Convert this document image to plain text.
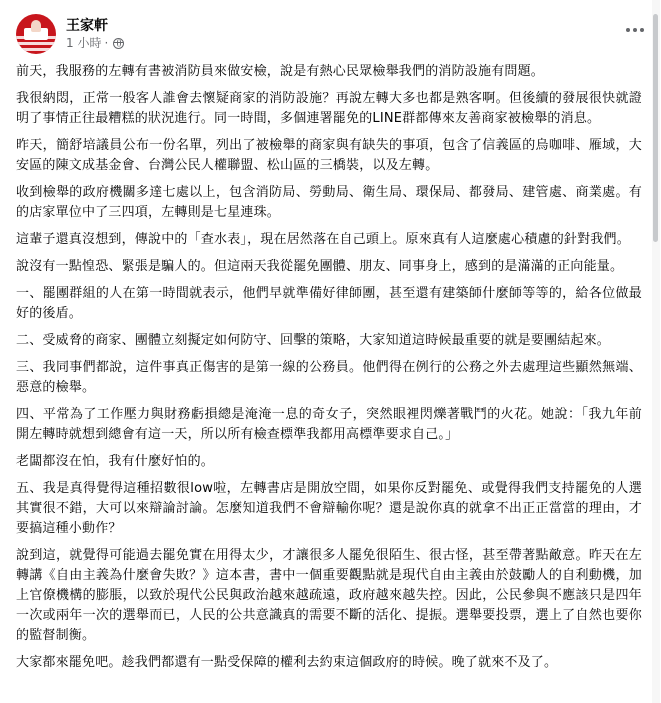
王家軒
1 小時 ·

前天，我服務的左轉有書被消防員來做安檢，說是有熱心民眾檢舉我們的消防設施有問題。

我很納悶，正常一般客人誰會去懷疑商家的消防設施？再說左轉大多也都是熟客啊。但後續的發展很快就證明了事情正往最糟糕的狀況進行。同一時間，多個連署罷免的LINE群都傳來友善商家被檢舉的消息。

昨天，簡舒培議員公布一份名單，列出了被檢舉的商家與有缺失的事項，包含了信義區的烏咖啡、雁域，大安區的陳文成基金會、台灣公民人權聯盟、松山區的三橋裝，以及左轉。

收到檢舉的政府機關多達七處以上，包含消防局、勞動局、衛生局、環保局、都發局、建管處、商業處。有的店家單位中了三四項，左轉則是七星連珠。

這輩子還真沒想到，傳說中的「查水表」，現在居然落在自己頭上。原來真有人這麼處心積慮的針對我們。

說沒有一點惶恐、緊張是騙人的。但這兩天我從罷免團體、朋友、同事身上，感到的是滿滿的正向能量。

一、罷團群組的人在第一時間就表示，他們早就準備好律師團，甚至還有建築師什麼師等等的，給各位做最好的後盾。

二、受威脅的商家、團體立刻擬定如何防守、回擊的策略，大家知道這時候最重要的就是要團結起來。

三、我同事們都說，這件事真正傷害的是第一線的公務員。他們得在例行的公務之外去處理這些顯然無端、惡意的檢舉。

四、平常為了工作壓力與財務虧損總是淹淹一息的奇女子，突然眼裡閃爍著戰鬥的火花。她說：「我九年前開左轉時就想到總會有這一天，所以所有檢查標準我都用高標準要求自己。」

老闆都沒在怕，我有什麼好怕的。

五、我是真得覺得這種招數很low啦，左轉書店是開放空間，如果你反對罷免、或覺得我們支持罷免的人選其實很不錯，大可以來辯論討論。怎麼知道我們不會辯輸你呢？還是說你真的就拿不出正正當當的理由，才要搞這種小動作？

說到這，就覺得可能過去罷免實在用得太少，才讓很多人罷免很陌生、很古怪，甚至帶著點敵意。昨天在左轉講《自由主義為什麼會失敗？》這本書，書中一個重要觀點就是現代自由主義由於鼓勵人的自利動機，加上官僚機構的膨脹，以致於現代公民與政治越來越疏遠，政府越來越失控。因此，公民參與不應該只是四年一次或兩年一次的選舉而已，人民的公共意識真的需要不斷的活化、提振。選舉要投票，選上了自然也要你的監督制衡。

大家都來罷免吧。趁我們都還有一點受保障的權利去約束這個政府的時候。晚了就來不及了。
